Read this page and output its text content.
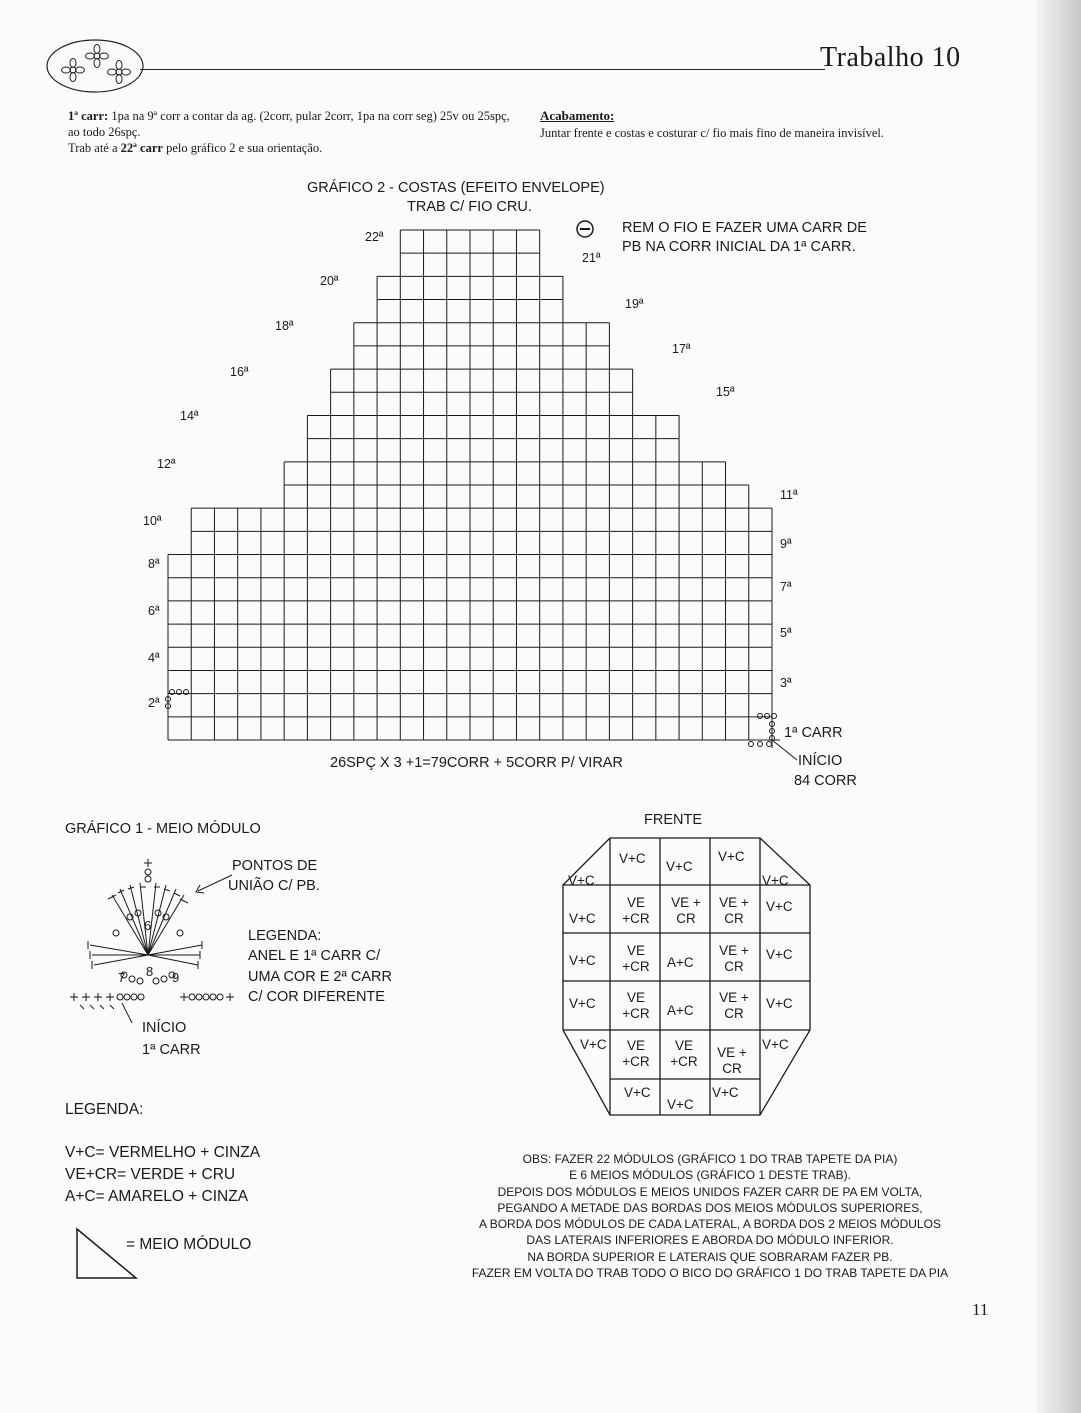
Trabalho 10
1ª carr: 1pa na 9ª corr a contar da ag. (2corr, pular 2corr, 1pa na corr seg) 25v ou 25spç, ao todo 26spç.
Trab até a 22ª carr pelo gráfico 2 e sua orientação.
Acabamento:
Juntar frente e costas e costurar c/ fio mais fino de maneira invisível.
GRÁFICO 2 - COSTAS (EFEITO ENVELOPE)
TRAB C/ FIO CRU.
REM O FIO E FAZER UMA CARR DE
PB NA CORR INICIAL DA 1ª CARR.
26SPÇ X 3 +1=79CORR + 5CORR P/ VIRAR
1ª CARR
INÍCIO
84 CORR
2ª
4ª
6ª
8ª
10ª
12ª
14ª
16ª
18ª
20ª
22ª
3ª
5ª
7ª
9ª
11ª
15ª
17ª
19ª
21ª
GRÁFICO 1 - MEIO MÓDULO
PONTOS DE
UNIÃO C/ PB.
LEGENDA:
ANEL E 1ª CARR C/
UMA COR E 2ª CARR
C/ COR DIFERENTE
INÍCIO
1ª CARR
6
7 8 9
FRENTE
V+C
V+C
V+C
V+C
V+C
V+C
VE +CR
VE + CR
VE + CR
V+C
V+C
VE +CR	A+C
VE + CR
V+C
V+C	VE +CR	A+C
VE + CR
V+C
V+C	VE +CR
VE +CR
VE + CR
V+C
V+C
V+C
V+C
LEGENDA:
V+C= VERMELHO + CINZA
VE+CR= VERDE + CRU
A+C= AMARELO + CINZA
= MEIO MÓDULO
OBS: FAZER 22 MÓDULOS (GRÁFICO 1 DO TRAB TAPETE DA PIA)
E 6 MEIOS MÓDULOS (GRÁFICO 1 DESTE TRAB).
DEPOIS DOS MÓDULOS E MEIOS UNIDOS FAZER CARR DE PA EM VOLTA,
PEGANDO A METADE DAS BORDAS DOS MEIOS MÓDULOS SUPERIORES,
A BORDA DOS MÓDULOS DE CADA LATERAL, A BORDA DOS 2 MEIOS MÓDULOS
DAS LATERAIS INFERIORES E ABORDA DO MÓDULO INFERIOR.
NA BORDA SUPERIOR E LATERAIS QUE SOBRARAM FAZER PB.
FAZER EM VOLTA DO TRAB TODO O BICO DO GRÁFICO 1 DO TRAB TAPETE DA PIA
11
